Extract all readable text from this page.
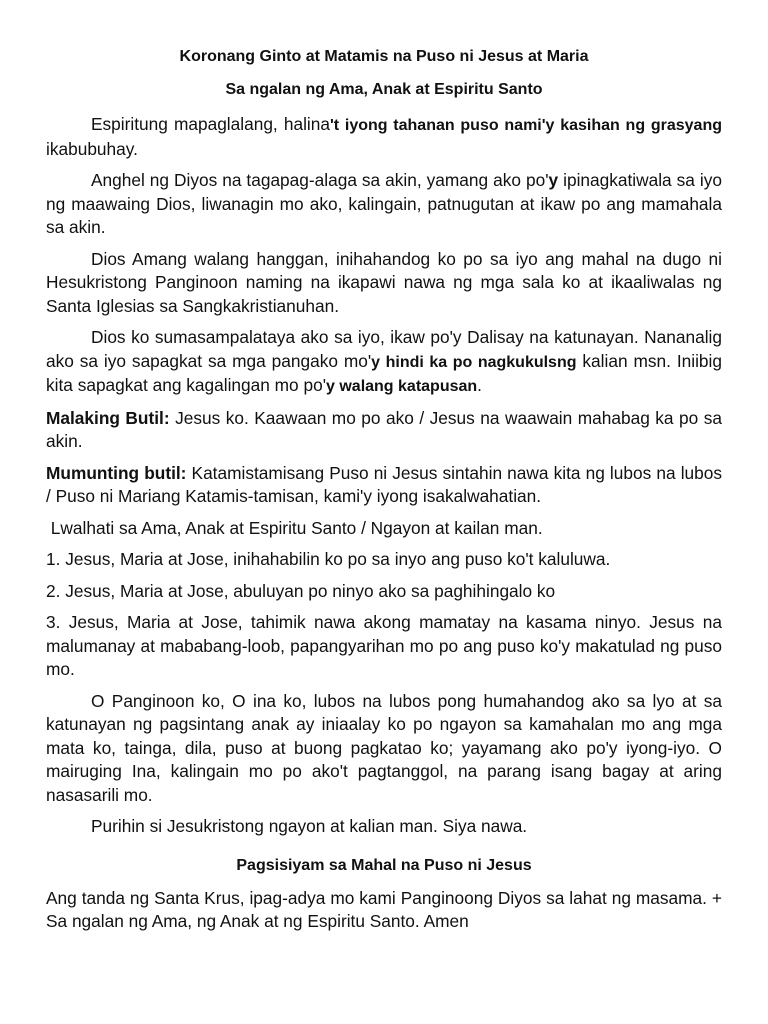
Koronang Ginto at Matamis na Puso ni Jesus at Maria
Sa ngalan ng Ama, Anak at Espiritu Santo

Espiritung mapaglalang, halina't iyong tahanan puso nami'y kasihan ng grasyang ikabubuhay.

Anghel ng Diyos na tagapag-alaga sa akin, yamang ako po'y ipinagkatiwala sa iyo ng maawaing Dios, liwanagin mo ako, kalingain, patnugutan at ikaw po ang mamahala sa akin.

Dios Amang walang hanggan, inihahandog ko po sa iyo ang mahal na dugo ni Hesukristong Panginoon naming na ikapawi nawa ng mga sala ko at ikaaliwalas ng Santa Iglesias sa Sangkakristianuhan.

Dios ko sumasampalataya ako sa iyo, ikaw po'y Dalisay na katunayan. Nananalig ako sa iyo sapagkat sa mga pangako mo'y hindi ka po nagkukulsng kalian msn. Iniibig kita sapagkat ang kagalingan mo po'y walang katapusan.

Malaking Butil: Jesus ko. Kaawaan mo po ako / Jesus na waawain mahabag ka po sa akin.

Mumunting butil: Katamistamisang Puso ni Jesus sintahin nawa kita ng lubos na lubos / Puso ni Mariang Katamis-tamisan, kami'y iyong isakalwahatian.

Lwalhati sa Ama, Anak at Espiritu Santo / Ngayon at kailan man.

1. Jesus, Maria at Jose, inihahabilin ko po sa inyo ang puso ko't kaluluwa.

2. Jesus, Maria at Jose, abuluyan po ninyo ako sa paghihingalo ko

3. Jesus, Maria at Jose, tahimik nawa akong mamatay na kasama ninyo. Jesus na malumanay at mababang-loob, papangyarihan mo po ang puso ko'y makatulad ng puso mo.

O Panginoon ko, O ina ko, lubos na lubos pong humahandog ako sa lyo at sa katunayan ng pagsintang anak ay iniaalay ko po ngayon sa kamahalan mo ang mga mata ko, tainga, dila, puso at buong pagkatao ko; yayamang ako po'y iyong-iyo. O mairuging Ina, kalingain mo po ako't pagtanggol, na parang isang bagay at aring nasasarili mo.

Purihin si Jesukristong ngayon at kalian man. Siya nawa.

Pagsisiyam sa Mahal na Puso ni Jesus

Ang tanda ng Santa Krus, ipag-adya mo kami Panginoong Diyos sa lahat ng masama. + Sa ngalan ng Ama, ng Anak at ng Espiritu Santo. Amen
